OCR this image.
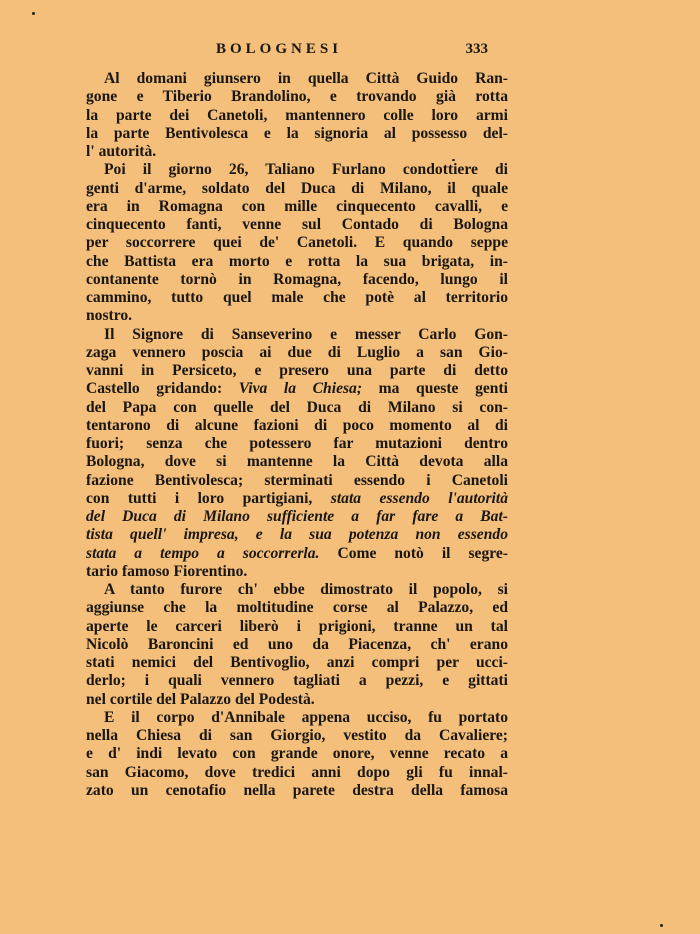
BOLOGNESI	333
Al domani giunsero in quella Città Guido Ran-
gone e Tiberio Brandolino, e trovando già rotta
la parte dei Canetoli, mantennero colle loro armi
la parte Bentivolesca e la signoria al possesso del-
l' autorità.
Poi il giorno 26, Taliano Furlano condottiere di
genti d'arme, soldato del Duca di Milano, il quale
era in Romagna con mille cinquecento cavalli, e
cinquecento fanti, venne sul Contado di Bologna
per soccorrere quei de' Canetoli. E quando seppe
che Battista era morto e rotta la sua brigata, in-
contanente tornò in Romagna, facendo, lungo il
cammino, tutto quel male che potè al territorio
nostro.
Il Signore di Sanseverino e messer Carlo Gon-
zaga vennero poscia ai due di Luglio a san Gio-
vanni in Persiceto, e presero una parte di detto
Castello gridando: Viva la Chiesa; ma queste genti
del Papa con quelle del Duca di Milano si con-
tentarono di alcune fazioni di poco momento al di
fuori; senza che potessero far mutazioni dentro
Bologna, dove si mantenne la Città devota alla
fazione Bentivolesca; sterminati essendo i Canetoli
con tutti i loro partigiani, stata essendo l'autorità
del Duca di Milano sufficiente a far fare a Bat-
tista quell' impresa, e la sua potenza non essendo
stata a tempo a soccorrerla. Come notò il segre-
tario famoso Fiorentino.
A tanto furore ch' ebbe dimostrato il popolo, si
aggiunse che la moltitudine corse al Palazzo, ed
aperte le carceri liberò i prigioni, tranne un tal
Nicolò Baroncini ed uno da Piacenza, ch' erano
stati nemici del Bentivoglio, anzi compri per ucci-
derlo; i quali vennero tagliati a pezzi, e gittati
nel cortile del Palazzo del Podestà.
E il corpo d'Annibale appena ucciso, fu portato
nella Chiesa di san Giorgio, vestito da Cavaliere;
e d' indi levato con grande onore, venne recato a
san Giacomo, dove tredici anni dopo gli fu innal-
zato un cenotafio nella parete destra della famosa
